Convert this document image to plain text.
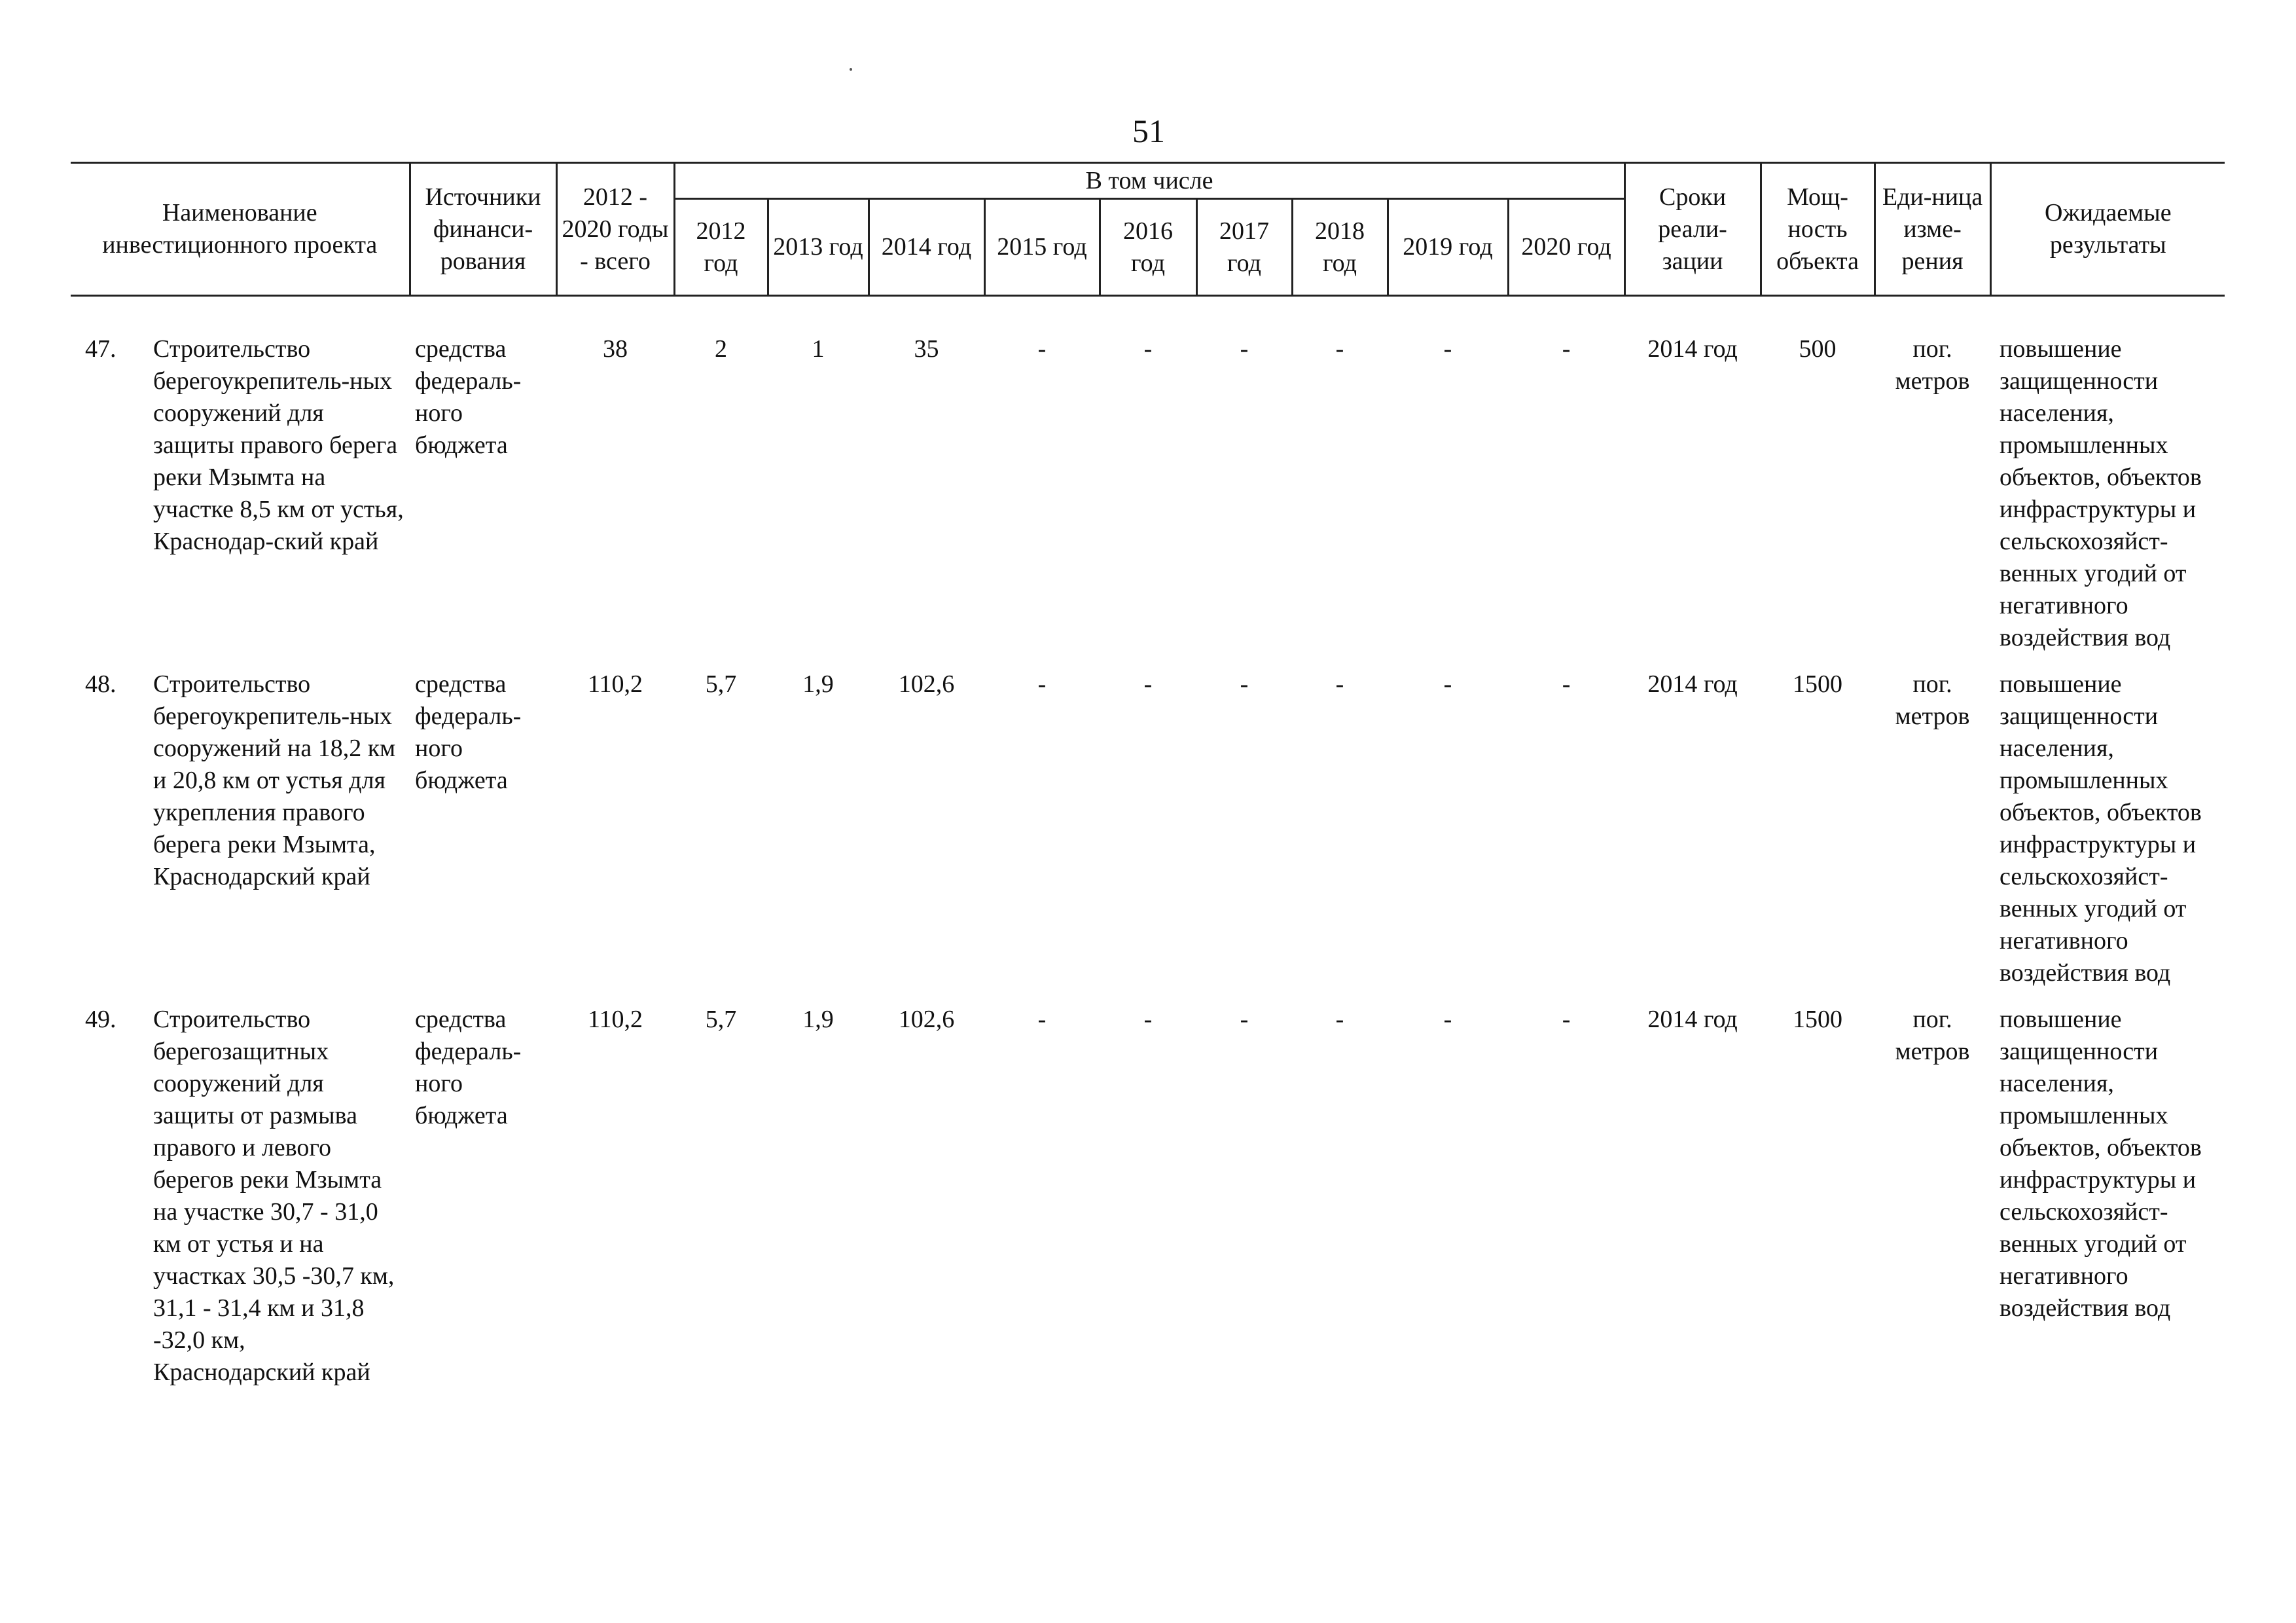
51
Наименование инвестиционного проекта		Источники финанси-рования	2012 - 2020 годы - всего	В том числе									Сроки реали-зации	Мощ-ность объекта	Еди-ница изме-рения	Ожидаемые результаты
				2012 год	2013 год	2014 год	2015 год	2016 год	2017 год	2018 год	2019 год	2020 год				

47.	Строительство берегоукрепитель-ных сооружений для защиты правого берега реки Мзымта на участке 8,5 км от устья, Краснодар-ский край	средства федераль-ного бюджета	38	2	1	35	-	-	-	-	-	-	2014 год	500	пог. метров	повышение защищенности населения, промышленных объектов, объектов инфраструктуры и сельскохозяйст-венных угодий от негативного воздействия вод
48.	Строительство берегоукрепитель-ных сооружений на 18,2 км и 20,8 км от устья для укрепления правого берега реки Мзымта, Краснодарский край	средства федераль-ного бюджета	110,2	5,7	1,9	102,6	-	-	-	-	-	-	2014 год	1500	пог. метров	повышение защищенности населения, промышленных объектов, объектов инфраструктуры и сельскохозяйст-венных угодий от негативного воздействия вод
49.	Строительство берегозащитных сооружений для защиты от размыва правого и левого берегов реки Мзымта на участке 30,7 - 31,0 км от устья и на участках 30,5 -30,7 км, 31,1 - 31,4 км и 31,8 -32,0 км, Краснодарский край	средства федераль-ного бюджета	110,2	5,7	1,9	102,6	-	-	-	-	-	-	2014 год	1500	пог. метров	повышение защищенности населения, промышленных объектов, объектов инфраструктуры и сельскохозяйст-венных угодий от негативного воздействия вод
